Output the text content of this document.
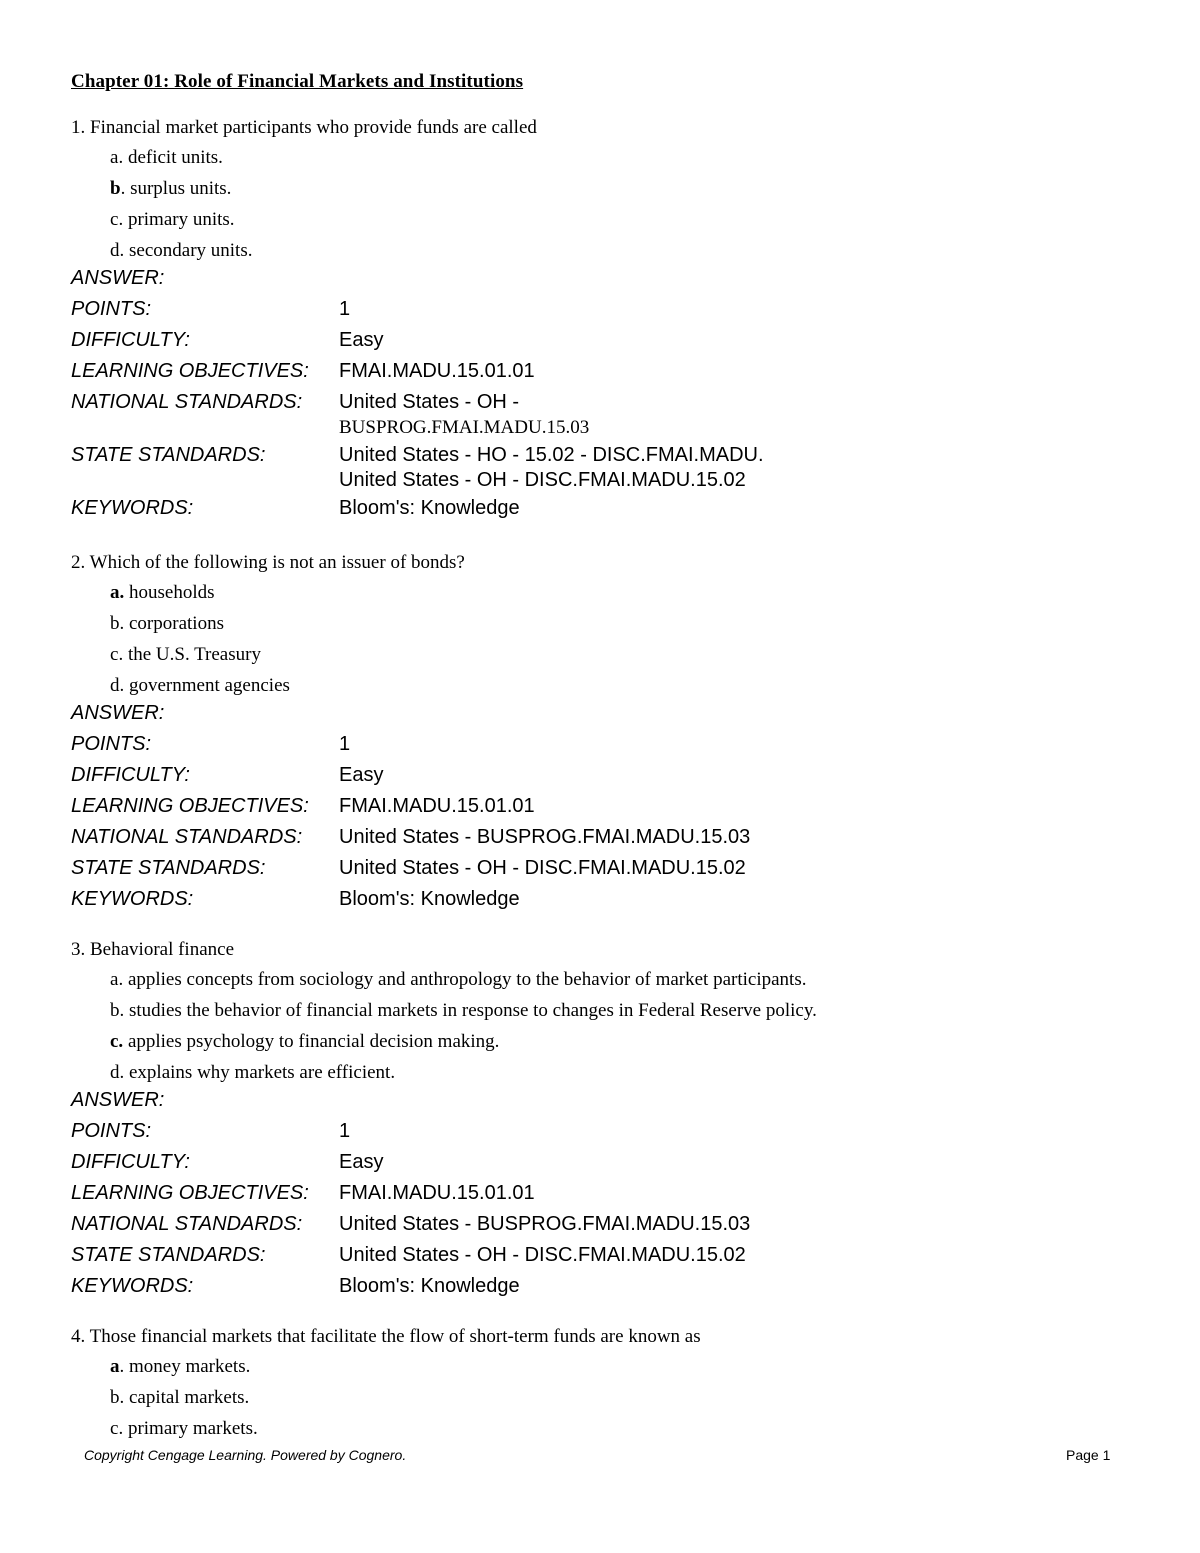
Chapter 01: Role of Financial Markets and Institutions
1. Financial market participants who provide funds are called
a. deficit units.
b. surplus units.
c. primary units.
d. secondary units.
ANSWER:
POINTS:	1
DIFFICULTY:	Easy
LEARNING OBJECTIVES:	FMAI.MADU.15.01.01
NATIONAL STANDARDS:	United States - OH -
BUSPROG.FMAI.MADU.15.03
STATE STANDARDS:	United States - HO - 15.02 - DISC.FMAI.MADU.
United States - OH - DISC.FMAI.MADU.15.02
KEYWORDS:	Bloom's: Knowledge
2. Which of the following is not an issuer of bonds?
a. households
b. corporations
c. the U.S. Treasury
d. government agencies
ANSWER:
POINTS:	1
DIFFICULTY:	Easy
LEARNING OBJECTIVES:	FMAI.MADU.15.01.01
NATIONAL STANDARDS:	United States - BUSPROG.FMAI.MADU.15.03
STATE STANDARDS:	United States - OH - DISC.FMAI.MADU.15.02
KEYWORDS:	Bloom's: Knowledge
3. Behavioral finance
a. applies concepts from sociology and anthropology to the behavior of market participants.
b. studies the behavior of financial markets in response to changes in Federal Reserve policy.
c. applies psychology to financial decision making.
d. explains why markets are efficient.
ANSWER:
POINTS:	1
DIFFICULTY:	Easy
LEARNING OBJECTIVES:	FMAI.MADU.15.01.01
NATIONAL STANDARDS:	United States - BUSPROG.FMAI.MADU.15.03
STATE STANDARDS:	United States - OH - DISC.FMAI.MADU.15.02
KEYWORDS:	Bloom's: Knowledge
4. Those financial markets that facilitate the flow of short-term funds are known as
a. money markets.
b. capital markets.
c. primary markets.
Copyright Cengage Learning. Powered by Cognero.	Page 1
